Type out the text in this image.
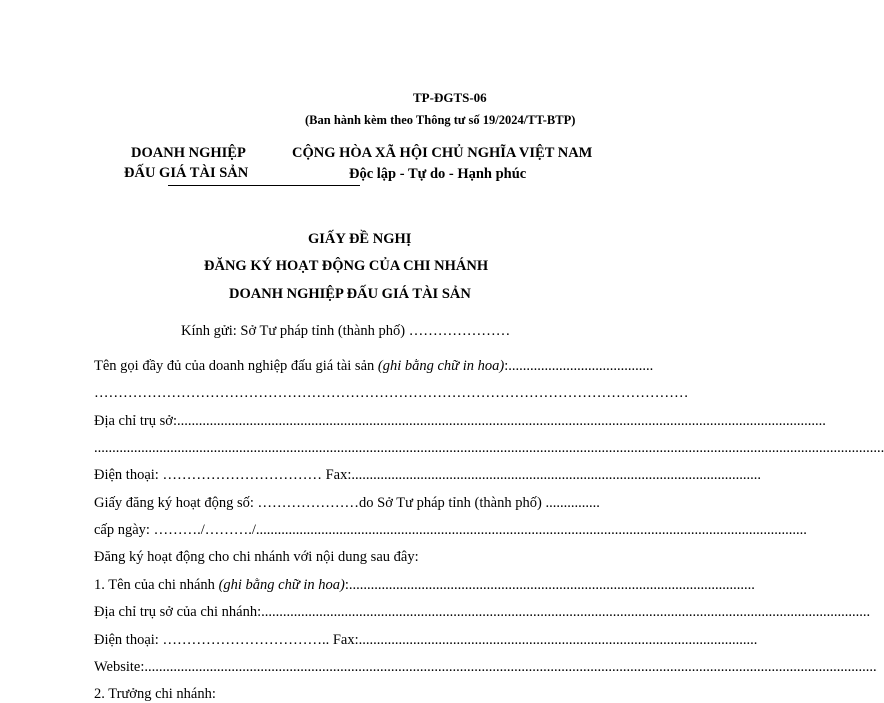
TP-ĐGTS-06
(Ban hành kèm theo Thông tư số 19/2024/TT-BTP)
DOANH NGHIỆP
ĐẤU GIÁ TÀI SẢN
CỘNG HÒA XÃ HỘI CHỦ NGHĨA VIỆT NAM
Độc lập - Tự do - Hạnh phúc
GIẤY ĐỀ NGHỊ
ĐĂNG KÝ HOẠT ĐỘNG CỦA CHI NHÁNH
DOANH NGHIỆP ĐẤU GIÁ TÀI SẢN
Kính gửi: Sở Tư pháp tỉnh (thành phố) …………………
Tên gọi đầy đủ của doanh nghiệp đấu giá tài sản (ghi bằng chữ in hoa):........................................
……………………………………………………………………………………………………………
Địa chỉ trụ sở:...................................................................................................................................................................................
..........................................................................................................................................................................................................................
Điện thoại: …………………………… Fax:.................................................................................................................
Giấy đăng ký hoạt động số: …………………do Sở Tư pháp tỉnh (thành phố) ...............
cấp ngày: ………./………./........................................................................................................................................................
Đăng ký hoạt động cho chi nhánh với nội dung sau đây:
1. Tên của chi nhánh (ghi bằng chữ in hoa):................................................................................................................
Địa chỉ trụ sở của chi nhánh:........................................................................................................................................................................
Điện thoại: …………………………….. Fax:..............................................................................................................
Website:..........................................................................................................................................................................................................
2. Trưởng chi nhánh:
